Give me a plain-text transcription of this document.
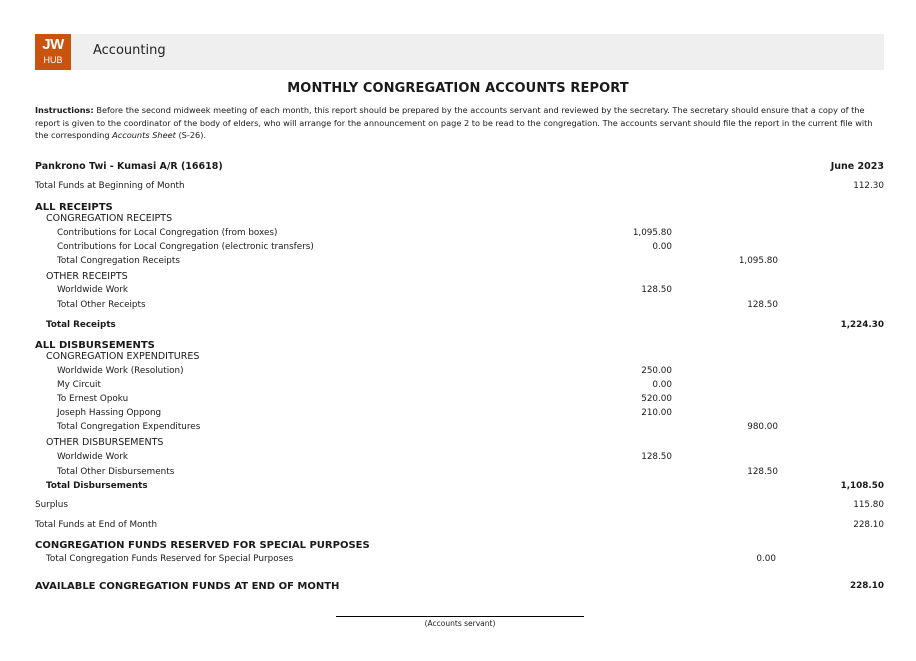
JW
HUB
Accounting
MONTHLY CONGREGATION ACCOUNTS REPORT
Instructions: Before the second midweek meeting of each month, this report should be prepared by the accounts servant and reviewed by the secretary. The secretary should ensure that a copy of the report is given to the coordinator of the body of elders, who will arrange for the announcement on page 2 to be read to the congregation. The accounts servant should file the report in the current file with the corresponding Accounts Sheet (S-26).
Pankrono Twi - Kumasi A/R (16618)	June 2023
Total Funds at Beginning of Month	112.30
ALL RECEIPTS
CONGREGATION RECEIPTS
Contributions for Local Congregation (from boxes)	1,095.80
Contributions for Local Congregation (electronic transfers)	0.00
Total Congregation Receipts	1,095.80
OTHER RECEIPTS
Worldwide Work	128.50
Total Other Receipts	128.50
Total Receipts	1,224.30
ALL DISBURSEMENTS
CONGREGATION EXPENDITURES
Worldwide Work (Resolution)	250.00
My Circuit	0.00
To Ernest Opoku	520.00
Joseph Hassing Oppong	210.00
Total Congregation Expenditures	980.00
OTHER DISBURSEMENTS
Worldwide Work	128.50
Total Other Disbursements	128.50
Total Disbursements	1,108.50
Surplus	115.80
Total Funds at End of Month	228.10
CONGREGATION FUNDS RESERVED FOR SPECIAL PURPOSES
Total Congregation Funds Reserved for Special Purposes	0.00
AVAILABLE CONGREGATION FUNDS AT END OF MONTH	228.10
(Accounts servant)
